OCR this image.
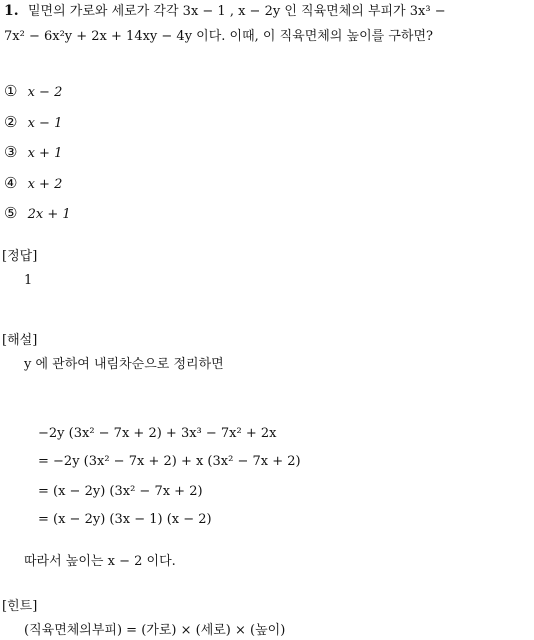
1. 밑면의 가로와 세로가 각각 3x − 1 , x − 2y 인 직육면체의 부피가 3x³ −
7x² − 6x²y + 2x + 14xy − 4y 이다. 이때, 이 직육면체의 높이를 구하면?
① x − 2
② x − 1
③ x + 1
④ x + 2
⑤ 2x + 1
[정답]
1
[해설]
y 에 관하여 내림차순으로 정리하면
−2y (3x² − 7x + 2) + 3x³ − 7x² + 2x
= −2y (3x² − 7x + 2) + x (3x² − 7x + 2)
= (x − 2y) (3x² − 7x + 2)
= (x − 2y) (3x − 1) (x − 2)
따라서 높이는 x − 2 이다.
[힌트]
(직육면체의부피) = (가로) × (세로) × (높이)
